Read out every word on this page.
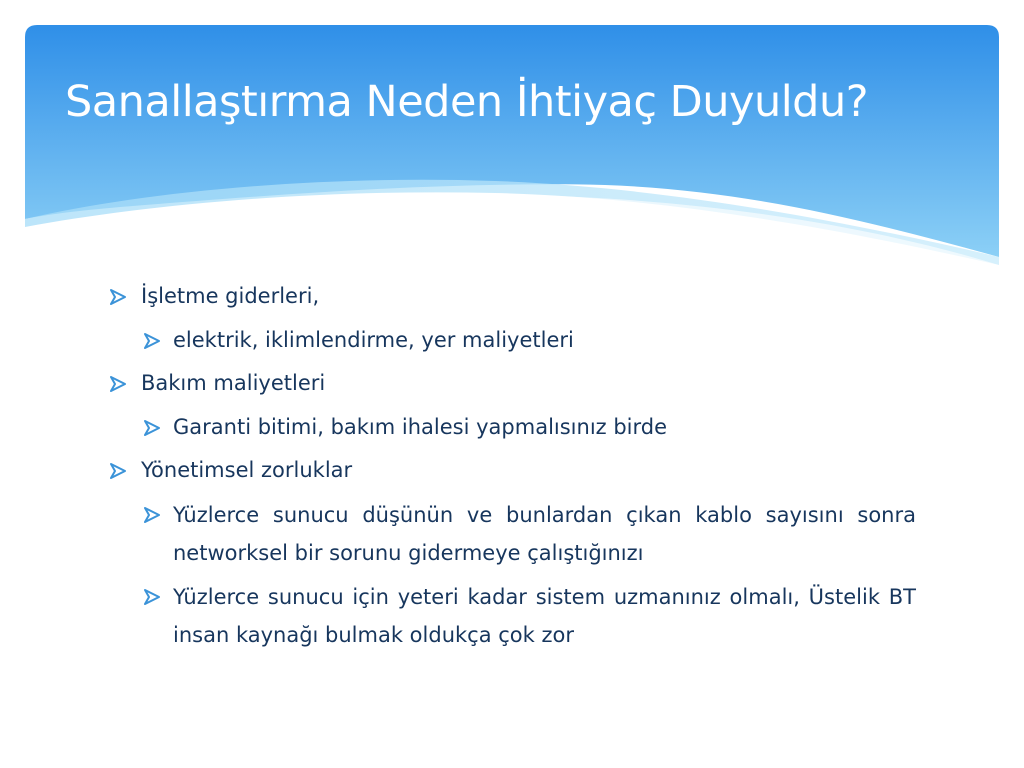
Sanallaştırma Neden İhtiyaç Duyuldu?
İşletme giderleri,
elektrik, iklimlendirme, yer maliyetleri
Bakım maliyetleri
Garanti bitimi, bakım ihalesi yapmalısınız birde
Yönetimsel zorluklar
Yüzlerce sunucu düşünün ve bunlardan çıkan kablo sayısını sonra networksel bir sorunu gidermeye çalıştığınızı
Yüzlerce sunucu için yeteri kadar sistem uzmanınız olmalı, Üstelik BT insan kaynağı bulmak oldukça çok zor
